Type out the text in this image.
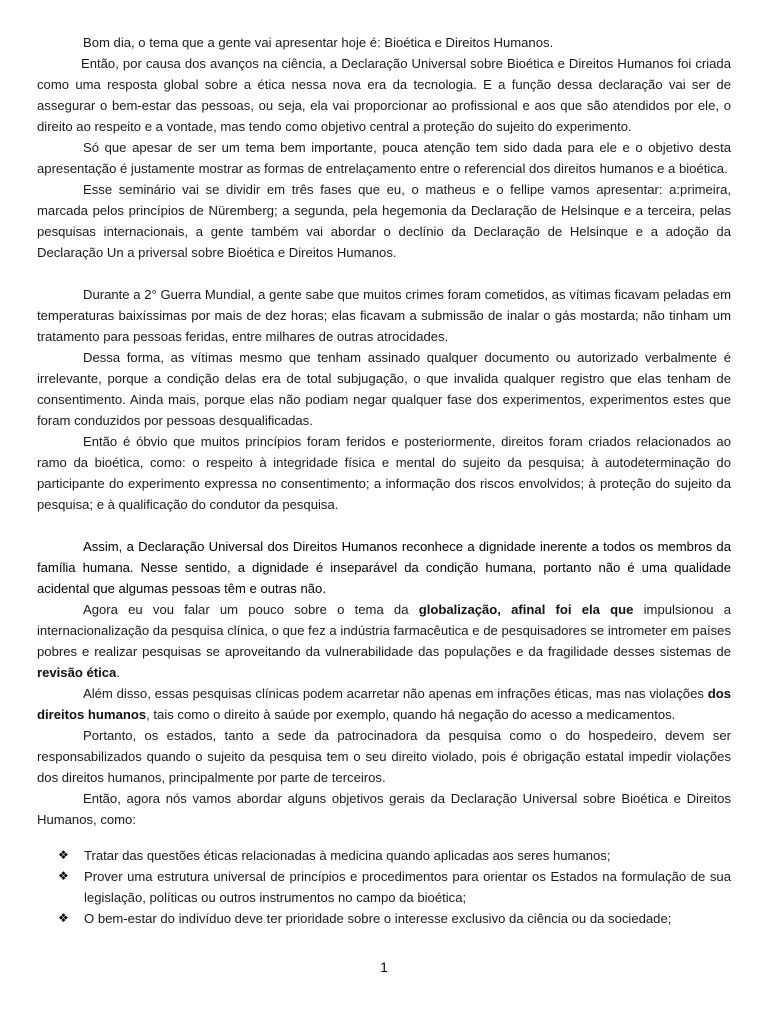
Bom dia, o tema que a gente vai apresentar hoje é: Bioética e Direitos Humanos.

Então, por causa dos avanços na ciência, a Declaração Universal sobre Bioética e Direitos Humanos foi criada como uma resposta global sobre a ética nessa nova era da tecnologia. E a função dessa declaração vai ser de assegurar o bem-estar das pessoas, ou seja, ela vai proporcionar ao profissional e aos que são atendidos por ele, o direito ao respeito e a vontade, mas tendo como objetivo central a proteção do sujeito do experimento.

Só que apesar de ser um tema bem importante, pouca atenção tem sido dada para ele e o objetivo desta apresentação é justamente mostrar as formas de entrelaçamento entre o referencial dos direitos humanos e a bioética.

Esse seminário vai se dividir em três fases que eu, o matheus e o fellipe vamos apresentar: a:primeira, marcada pelos princípios de Nüremberg; a segunda, pela hegemonia da Declaração de Helsinque e a terceira, pelas pesquisas internacionais, a gente também vai abordar o declínio da Declaração de Helsinque e a adoção da Declaração Un a priversal sobre Bioética e Direitos Humanos.

Durante a 2° Guerra Mundial, a gente sabe que muitos crimes foram cometidos, as vítimas ficavam peladas em temperaturas baixíssimas por mais de dez horas; elas ficavam a submissão de inalar o gás mostarda; não tinham um tratamento para pessoas feridas, entre milhares de outras atrocidades.

Dessa forma, as vítimas mesmo que tenham assinado qualquer documento ou autorizado verbalmente é irrelevante, porque a condição delas era de total subjugação, o que invalida qualquer registro que elas tenham de consentimento. Ainda mais, porque elas não podiam negar qualquer fase dos experimentos, experimentos estes que foram conduzidos por pessoas desqualificadas.

Então é óbvio que muitos princípios foram feridos e posteriormente, direitos foram criados relacionados ao ramo da bioética, como: o respeito à integridade física e mental do sujeito da pesquisa; à autodeterminação do participante do experimento expressa no consentimento; a informação dos riscos envolvidos; à proteção do sujeito da pesquisa; e à qualificação do condutor da pesquisa.

Assim, a Declaração Universal dos Direitos Humanos reconhece a dignidade inerente a todos os membros da família humana. Nesse sentido, a dignidade é inseparável da condição humana, portanto não é uma qualidade acidental que algumas pessoas têm e outras não.

Agora eu vou falar um pouco sobre o tema da globalização, afinal foi ela que impulsionou a internacionalização da pesquisa clínica, o que fez a indústria farmacêutica e de pesquisadores se intrometer em países pobres e realizar pesquisas se aproveitando da vulnerabilidade das populações e da fragilidade desses sistemas de revisão ética.

Além disso, essas pesquisas clínicas podem acarretar não apenas em infrações éticas, mas nas violações dos direitos humanos, tais como o direito à saúde por exemplo, quando há negação do acesso a medicamentos.

Portanto, os estados, tanto a sede da patrocinadora da pesquisa como o do hospedeiro, devem ser responsabilizados quando o sujeito da pesquisa tem o seu direito violado, pois é obrigação estatal impedir violações dos direitos humanos, principalmente por parte de terceiros.

Então, agora nós vamos abordar alguns objetivos gerais da Declaração Universal sobre Bioética e Direitos Humanos, como:

❖ Tratar das questões éticas relacionadas à medicina quando aplicadas aos seres humanos;
❖ Prover uma estrutura universal de princípios e procedimentos para orientar os Estados na formulação de sua legislação, políticas ou outros instrumentos no campo da bioética;
❖ O bem-estar do indivíduo deve ter prioridade sobre o interesse exclusivo da ciência ou da sociedade;
1
